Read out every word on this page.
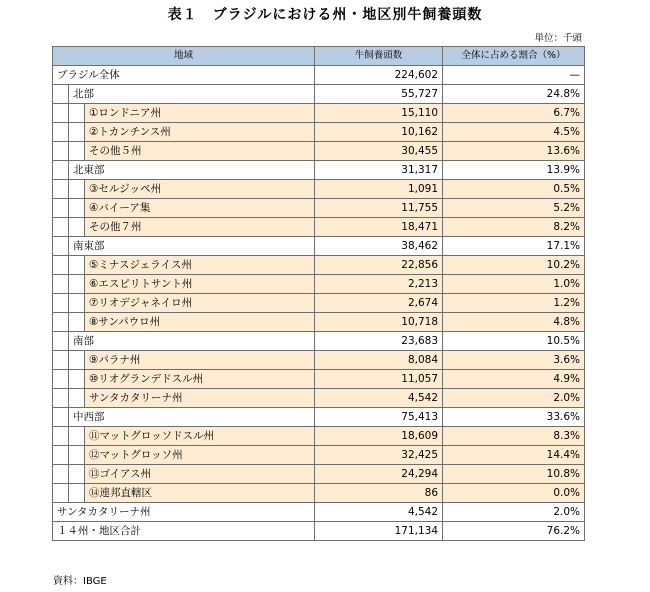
表１　ブラジルにおける州・地区別牛飼養頭数
単位：千頭
地域			牛飼養頭数	全体に占める割合（%）
ブラジル全体			224,602	—
	北部		55,727	24.8%
		①ロンドニア州	15,110	6.7%
		②トカンチンス州	10,162	4.5%
		その他５州	30,455	13.6%
	北東部		31,317	13.9%
		③セルジッペ州	1,091	0.5%
		④バイーア集	11,755	5.2%
		その他７州	18,471	8.2%
	南東部		38,462	17.1%
		⑤ミナスジェライス州	22,856	10.2%
		⑥エスピリトサント州	2,213	1.0%
		⑦リオデジャネイロ州	2,674	1.2%
		⑧サンパウロ州	10,718	4.8%
	南部		23,683	10.5%
		⑨パラナ州	8,084	3.6%
		⑩リオグランデドスル州	11,057	4.9%
		サンタカタリーナ州	4,542	2.0%
	中西部		75,413	33.6%
		⑪マットグロッソドスル州	18,609	8.3%
		⑫マットグロッソ州	32,425	14.4%
		⑬ゴイアス州	24,294	10.8%
		⑭連邦直轄区	86	0.0%
サンタカタリーナ州			4,542	2.0%
１４州・地区合計			171,134	76.2%
資料：IBGE
